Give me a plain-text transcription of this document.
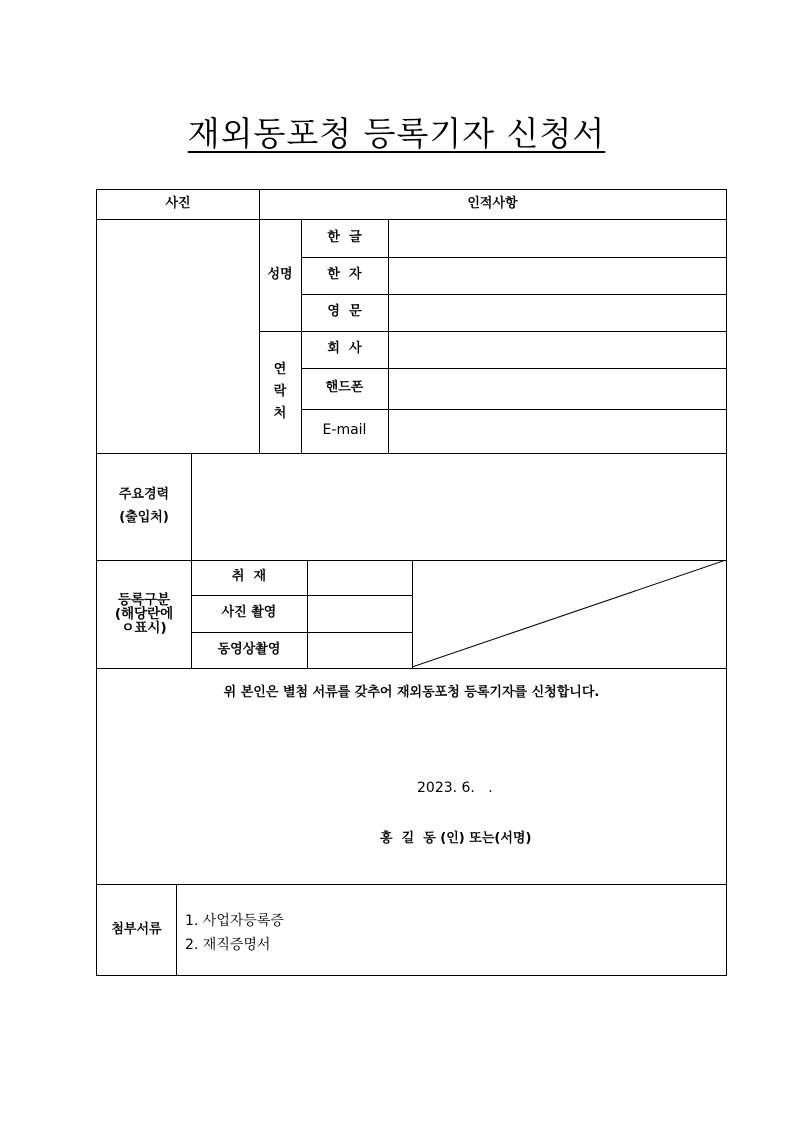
재외동포청 등록기자 신청서
사진	인적사항
성명
한  글
한  자
영  문
연
락
처
회  사
핸드폰
E-mail
주요경력
(출입처)
등록구분
(해당란에
ㅇ표시)
취  재
사진 촬영
동영상촬영
위 본인은 별첨 서류를 갖추어 재외동포청 등록기자를 신청합니다.
2023. 6.   .
홍  길  동 (인) 또는(서명)
첨부서류
1. 사업자등록증
2. 재직증명서
